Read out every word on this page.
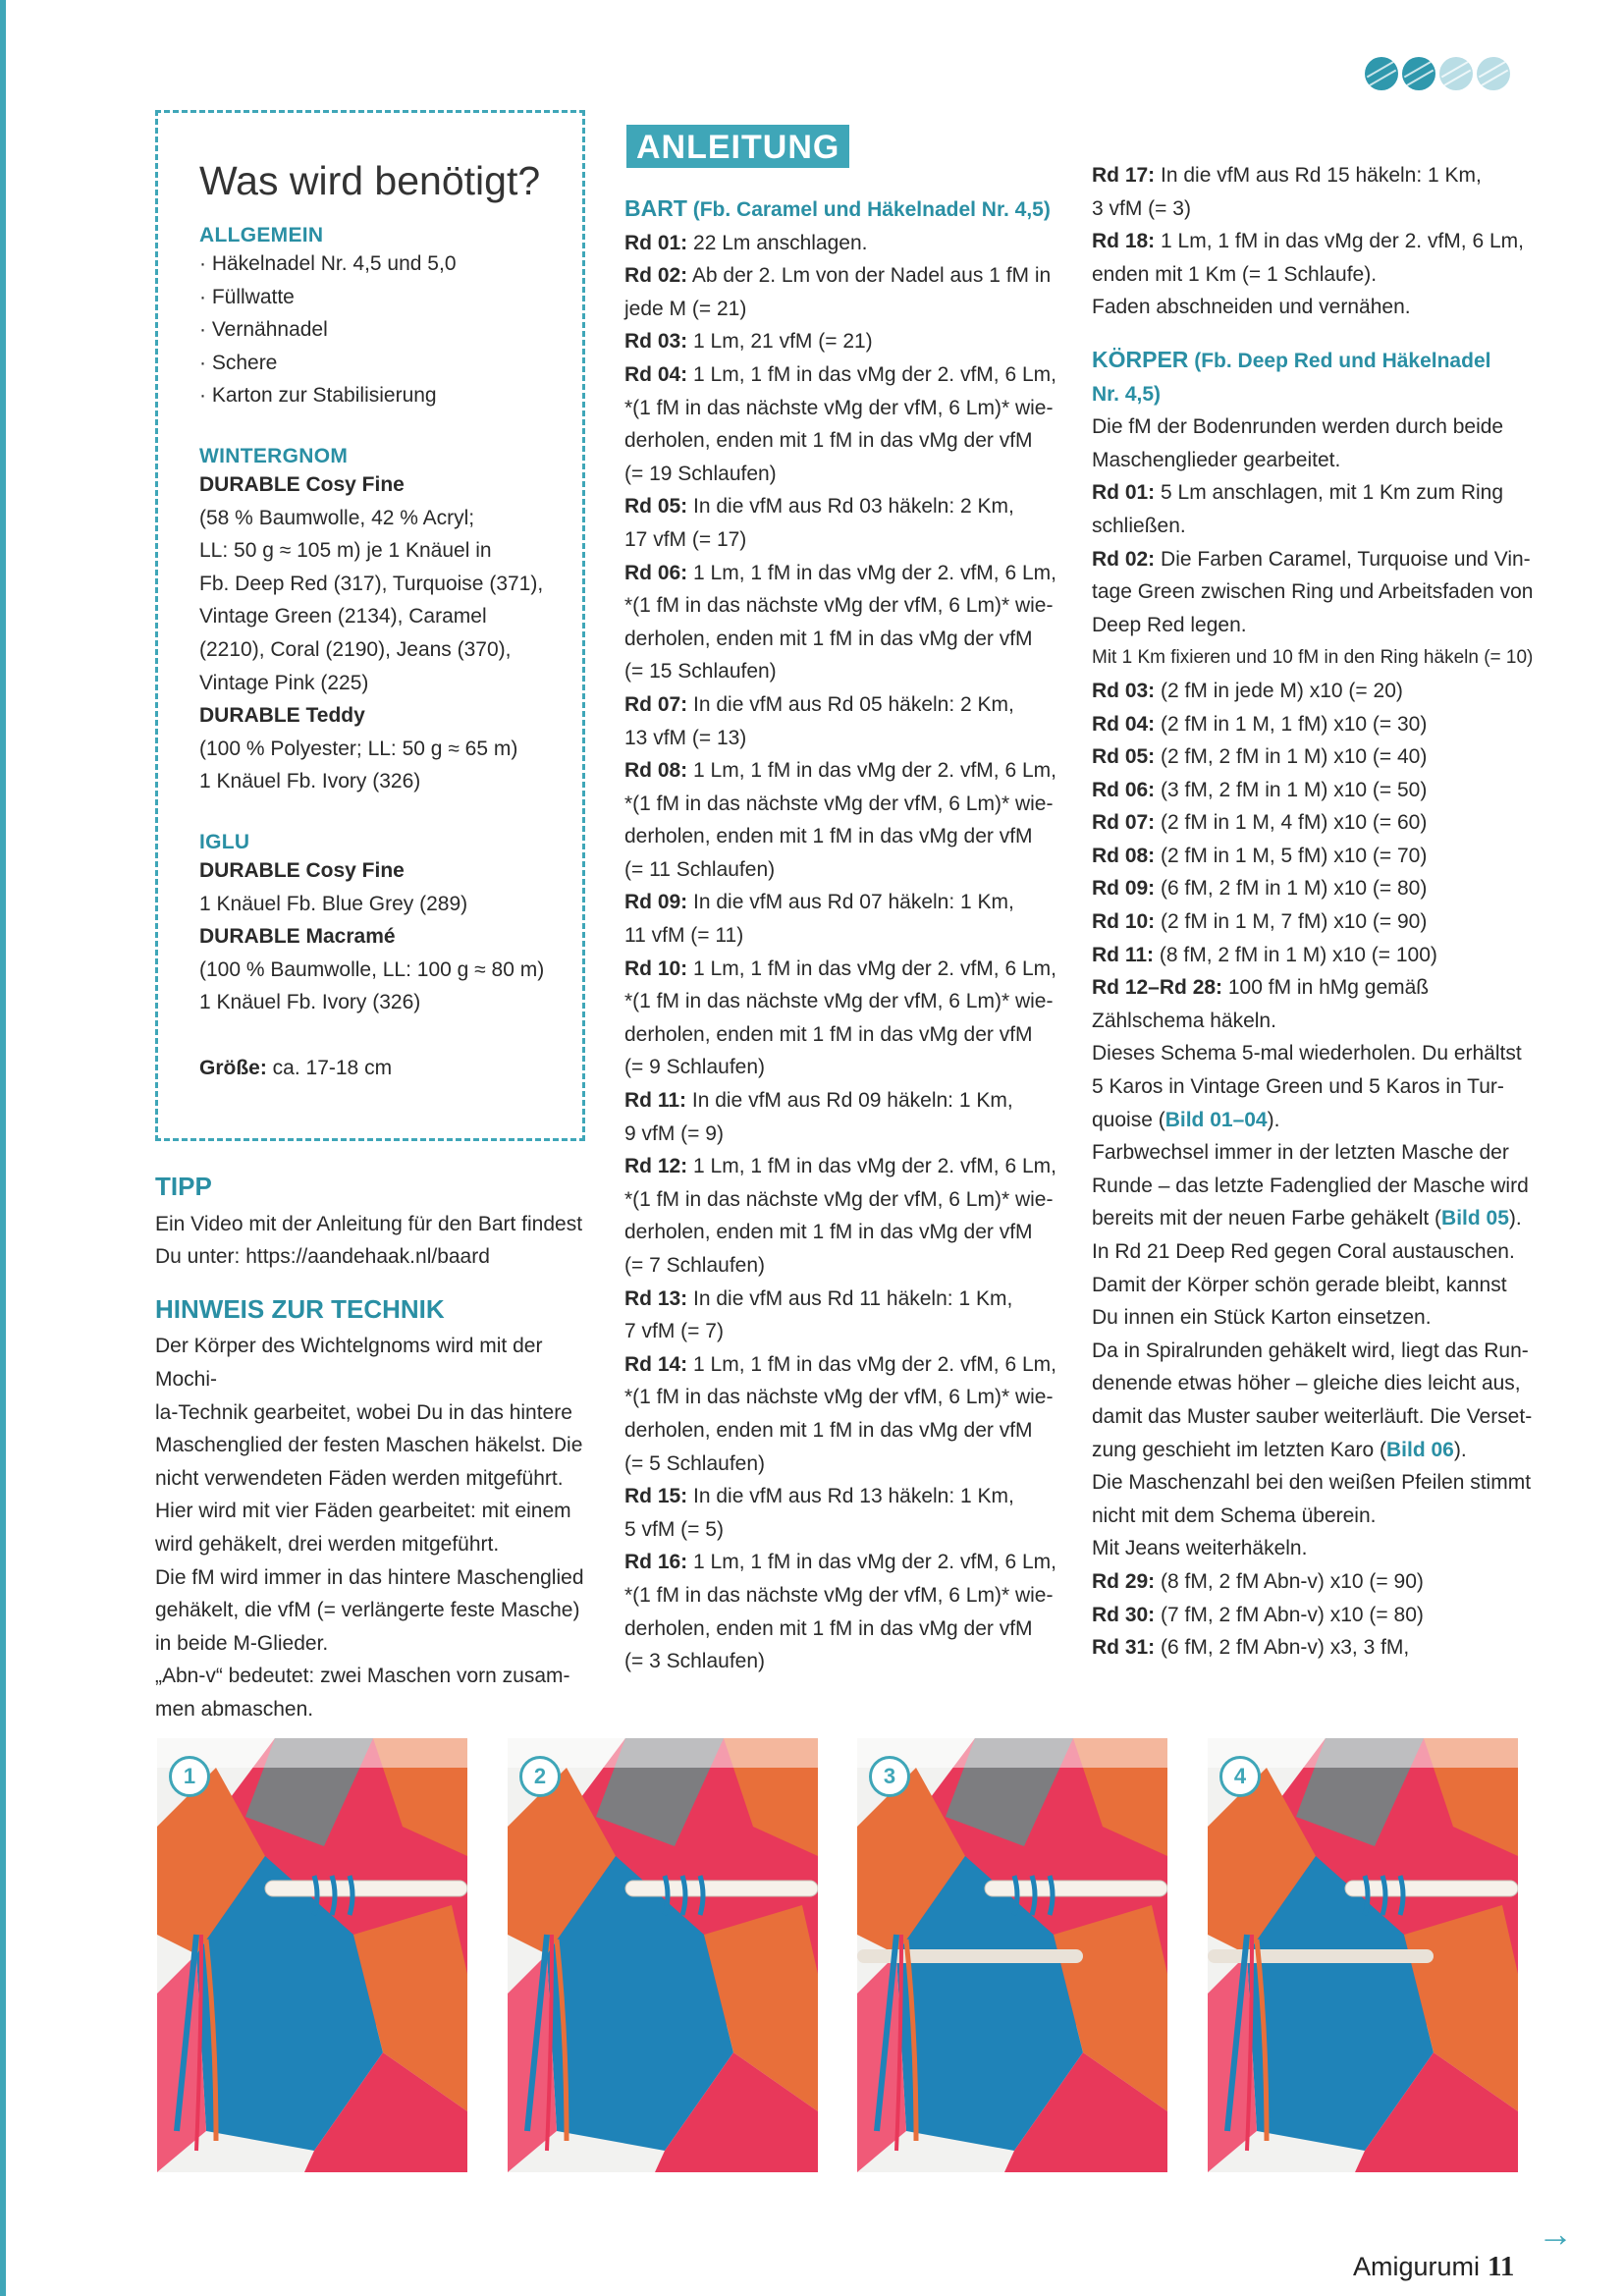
Was wird benötigt?
ALLGEMEIN
· Häkelnadel Nr. 4,5 und 5,0
· Füllwatte
· Vernähnadel
· Schere
· Karton zur Stabilisierung
WINTERGNOM
DURABLE Cosy Fine
(58 % Baumwolle, 42 % Acryl;
LL: 50 g ≈ 105 m) je 1 Knäuel in
Fb. Deep Red (317), Turquoise (371),
Vintage Green (2134), Caramel
(2210), Coral (2190), Jeans (370),
Vintage Pink (225)
DURABLE Teddy
(100 % Polyester; LL: 50 g ≈ 65 m)
1 Knäuel Fb. Ivory (326)
IGLU
DURABLE Cosy Fine
1 Knäuel Fb. Blue Grey (289)
DURABLE Macramé
(100 % Baumwolle, LL: 100 g ≈ 80 m)
1 Knäuel Fb. Ivory (326)
Größe: ca. 17-18 cm
TIPP

Ein Video mit der Anleitung für den Bart findest

Du unter: https://aandehaak.nl/baard

HINWEIS ZUR TECHNIK

Der Körper des Wichtelgnoms wird mit der Mochi-

la-Technik gearbeitet, wobei Du in das hintere

Maschenglied der festen Maschen häkelst. Die

nicht verwendeten Fäden werden mitgeführt.

Hier wird mit vier Fäden gearbeitet: mit einem

wird gehäkelt, drei werden mitgeführt.

Die fM wird immer in das hintere Maschenglied

gehäkelt, die vfM (= verlängerte feste Masche)

in beide M-Glieder.

„Abn-v“ bedeutet: zwei Maschen vorn zusam-

men abmaschen.

ANLEITUNG

BART (Fb. Caramel und Häkelnadel Nr. 4,5)

Rd 01: 22 Lm anschlagen.

Rd 02: Ab der 2. Lm von der Nadel aus 1 fM in

jede M (= 21)

Rd 03: 1 Lm, 21 vfM (= 21)

Rd 04: 1 Lm, 1 fM in das vMg der 2. vfM, 6 Lm,

*(1 fM in das nächste vMg der vfM, 6 Lm)* wie-

derholen, enden mit 1 fM in das vMg der vfM

(= 19 Schlaufen)

Rd 05: In die vfM aus Rd 03 häkeln: 2 Km,

17 vfM (= 17)

Rd 06: 1 Lm, 1 fM in das vMg der 2. vfM, 6 Lm,

*(1 fM in das nächste vMg der vfM, 6 Lm)* wie-

derholen, enden mit 1 fM in das vMg der vfM

(= 15 Schlaufen)

Rd 07: In die vfM aus Rd 05 häkeln: 2 Km,

13 vfM (= 13)

Rd 08: 1 Lm, 1 fM in das vMg der 2. vfM, 6 Lm,

*(1 fM in das nächste vMg der vfM, 6 Lm)* wie-

derholen, enden mit 1 fM in das vMg der vfM

(= 11 Schlaufen)

Rd 09: In die vfM aus Rd 07 häkeln: 1 Km,

11 vfM (= 11)

Rd 10: 1 Lm, 1 fM in das vMg der 2. vfM, 6 Lm,

*(1 fM in das nächste vMg der vfM, 6 Lm)* wie-

derholen, enden mit 1 fM in das vMg der vfM

(= 9 Schlaufen)

Rd 11: In die vfM aus Rd 09 häkeln: 1 Km,

9 vfM (= 9)

Rd 12: 1 Lm, 1 fM in das vMg der 2. vfM, 6 Lm,

*(1 fM in das nächste vMg der vfM, 6 Lm)* wie-

derholen, enden mit 1 fM in das vMg der vfM

(= 7 Schlaufen)

Rd 13: In die vfM aus Rd 11 häkeln: 1 Km,

7 vfM (= 7)

Rd 14: 1 Lm, 1 fM in das vMg der 2. vfM, 6 Lm,

*(1 fM in das nächste vMg der vfM, 6 Lm)* wie-

derholen, enden mit 1 fM in das vMg der vfM

(= 5 Schlaufen)

Rd 15: In die vfM aus Rd 13 häkeln: 1 Km,

5 vfM (= 5)

Rd 16: 1 Lm, 1 fM in das vMg der 2. vfM, 6 Lm,

*(1 fM in das nächste vMg der vfM, 6 Lm)* wie-

derholen, enden mit 1 fM in das vMg der vfM

(= 3 Schlaufen)

Rd 17: In die vfM aus Rd 15 häkeln: 1 Km,

3 vfM (= 3)

Rd 18: 1 Lm, 1 fM in das vMg der 2. vfM, 6 Lm,

enden mit 1 Km (= 1 Schlaufe).

Faden abschneiden und vernähen.

KÖRPER (Fb. Deep Red und Häkelnadel

Nr. 4,5)

Die fM der Bodenrunden werden durch beide

Maschenglieder gearbeitet.

Rd 01: 5 Lm anschlagen, mit 1 Km zum Ring

schließen.

Rd 02: Die Farben Caramel, Turquoise und Vin-

tage Green zwischen Ring und Arbeitsfaden von

Deep Red legen.

Mit 1 Km fixieren und 10 fM in den Ring häkeln (= 10)

Rd 03: (2 fM in jede M) x10 (= 20)

Rd 04: (2 fM in 1 M, 1 fM) x10 (= 30)

Rd 05: (2 fM, 2 fM in 1 M) x10 (= 40)

Rd 06: (3 fM, 2 fM in 1 M) x10 (= 50)

Rd 07: (2 fM in 1 M, 4 fM) x10 (= 60)

Rd 08: (2 fM in 1 M, 5 fM) x10 (= 70)

Rd 09: (6 fM, 2 fM in 1 M) x10 (= 80)

Rd 10: (2 fM in 1 M, 7 fM) x10 (= 90)

Rd 11: (8 fM, 2 fM in 1 M) x10 (= 100)

Rd 12–Rd 28: 100 fM in hMg gemäß

Zählschema häkeln.

Dieses Schema 5-mal wiederholen. Du erhältst

5 Karos in Vintage Green und 5 Karos in Tur-

quoise (Bild 01–04).

Farbwechsel immer in der letzten Masche der

Runde – das letzte Fadenglied der Masche wird

bereits mit der neuen Farbe gehäkelt (Bild 05).

In Rd 21 Deep Red gegen Coral austauschen.

Damit der Körper schön gerade bleibt, kannst

Du innen ein Stück Karton einsetzen.

Da in Spiralrunden gehäkelt wird, liegt das Run-

denende etwas höher – gleiche dies leicht aus,

damit das Muster sauber weiterläuft. Die Verset-

zung geschieht im letzten Karo (Bild 06).

Die Maschenzahl bei den weißen Pfeilen stimmt

nicht mit dem Schema überein.

Mit Jeans weiterhäkeln.

Rd 29: (8 fM, 2 fM Abn-v) x10 (= 90)

Rd 30: (7 fM, 2 fM Abn-v) x10 (= 80)

Rd 31: (6 fM, 2 fM Abn-v) x3, 3 fM,

1	2	3	4
→
Amigurumi 11
